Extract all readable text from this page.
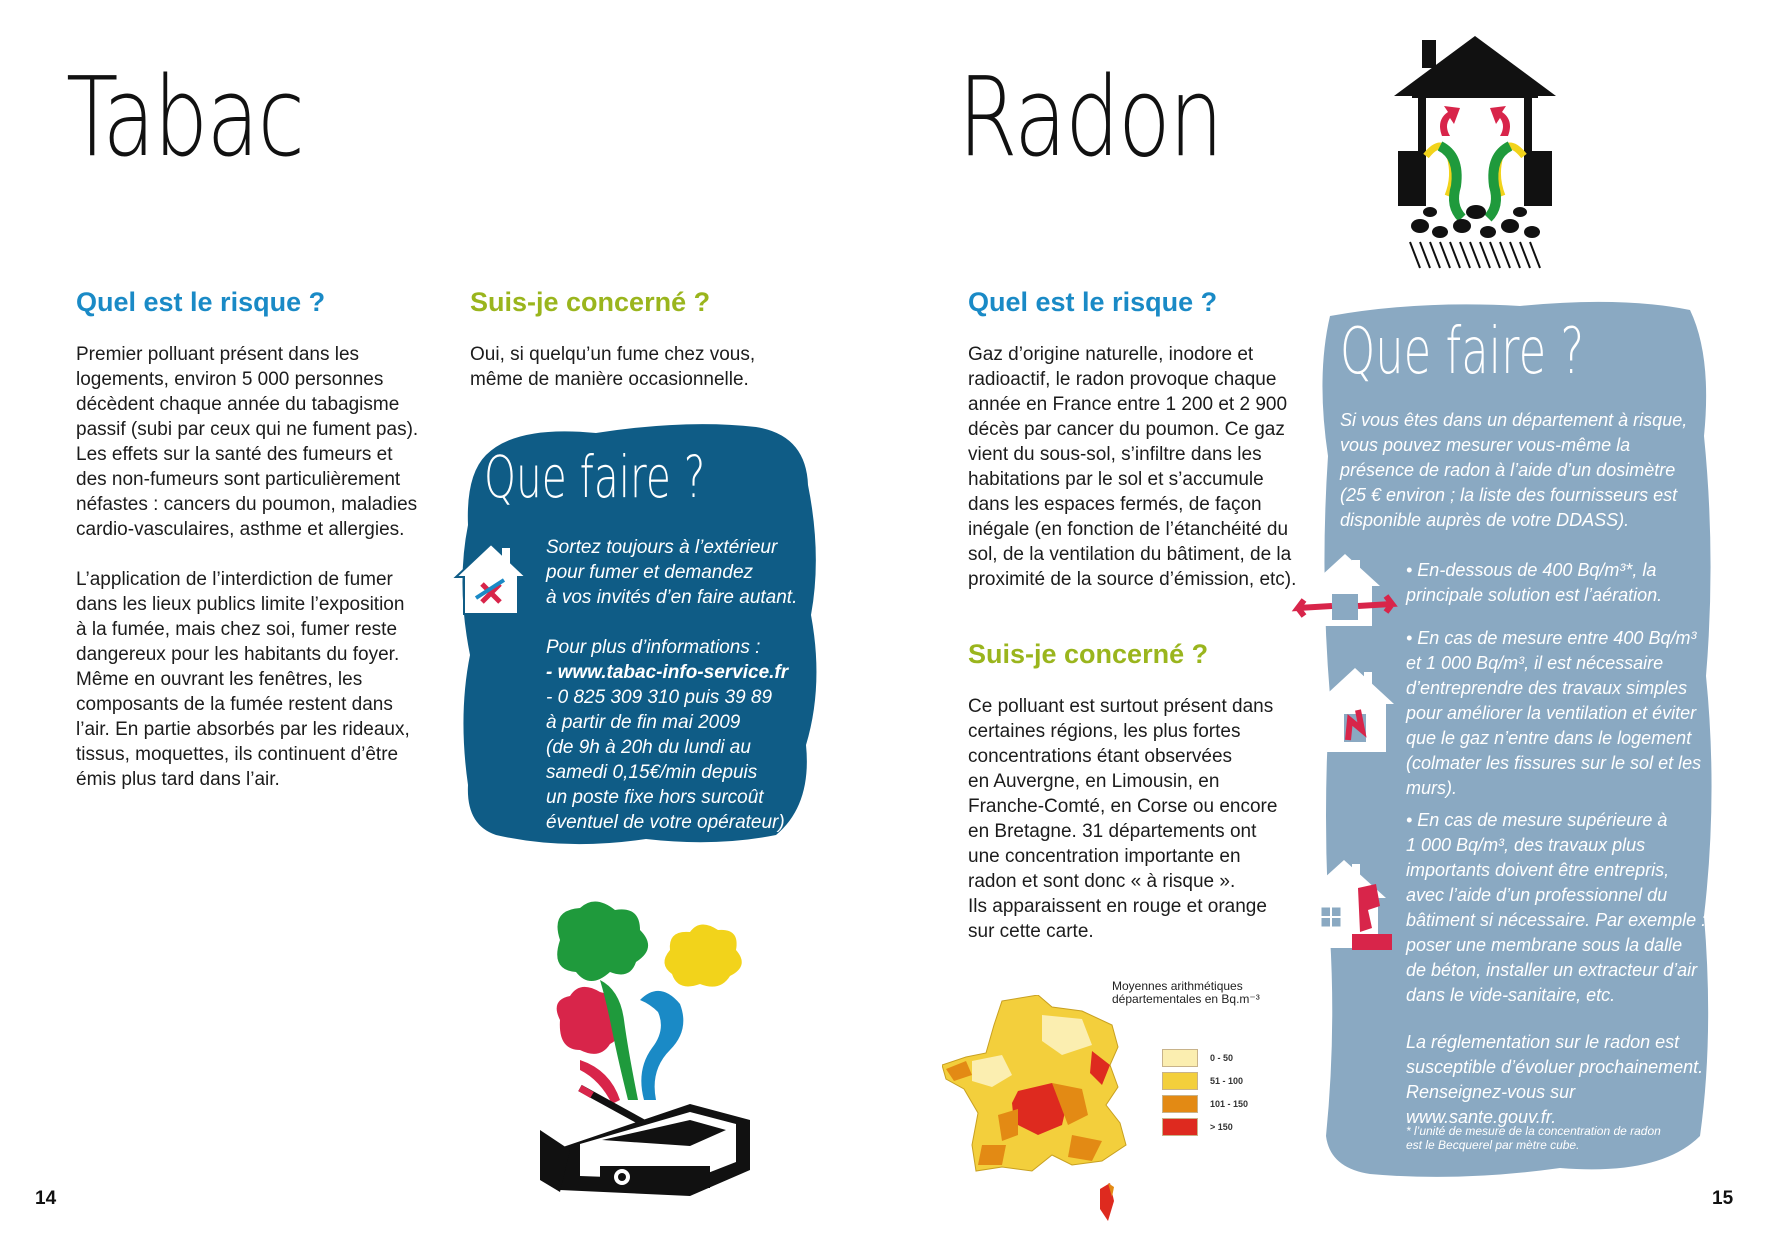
Tabac
Quel est le risque ?

Premier polluant présent dans les
logements, environ 5 000 personnes
décèdent chaque année du tabagisme
passif (subi par ceux qui ne fument pas).
Les effets sur la santé des fumeurs et
des non-fumeurs sont particulièrement
néfastes : cancers du poumon, maladies
cardio-vasculaires, asthme et allergies.

L’application de l’interdiction de fumer
dans les lieux publics limite l’exposition
à la fumée, mais chez soi, fumer reste
dangereux pour les habitants du foyer.
Même en ouvrant les fenêtres, les
composants de la fumée restent dans
l’air. En partie absorbés par les rideaux,
tissus, moquettes, ils continuent d’être
émis plus tard dans l’air.

Suis-je concerné ?
Oui, si quelqu’un fume chez vous,
même de manière occasionnelle.
Que faire ?
Sortez toujours à l’extérieur
pour fumer et demandez
à vos invités d’en faire autant.
Pour plus d’informations :
- www.tabac-info-service.fr
- 0 825 309 310 puis 39 89
à partir de fin mai 2009
(de 9h à 20h du lundi au
samedi 0,15€/min depuis
un poste fixe hors surcoût
éventuel de votre opérateur)
14
Radon
Quel est le risque ?
Gaz d’origine naturelle, inodore et
radioactif, le radon provoque chaque
année en France entre 1 200 et 2 900
décès par cancer du poumon. Ce gaz
vient du sous-sol, s’infiltre dans les
habitations par le sol et s’accumule
dans les espaces fermés, de façon
inégale (en fonction de l’étanchéité du
sol, de la ventilation du bâtiment, de la
proximité de la source d’émission, etc).
Suis-je concerné ?
Ce polluant est surtout présent dans
certaines régions, les plus fortes
concentrations étant observées
en Auvergne, en Limousin, en
Franche-Comté, en Corse ou encore
en Bretagne. 31 départements ont
une concentration importante en
radon et sont donc « à risque ».
Ils apparaissent en rouge et orange
sur cette carte.
Moyennes arithmétiques
départementales en Bq.m⁻³
0 - 50
51 - 100
101 - 150
> 150
Que faire ?
Si vous êtes dans un département à risque,
vous pouvez mesurer vous-même la
présence de radon à l’aide d’un dosimètre
(25 € environ ; la liste des fournisseurs est
disponible auprès de votre DDASS).
• En-dessous de 400 Bq/m³*, la
principale solution est l’aération.
• En cas de mesure entre 400 Bq/m³
et 1 000 Bq/m³, il est nécessaire
d’entreprendre des travaux simples
pour améliorer la ventilation et éviter
que le gaz n’entre dans le logement
(colmater les fissures sur le sol et les
murs).
• En cas de mesure supérieure à
1 000 Bq/m³, des travaux plus
importants doivent être entrepris,
avec l’aide d’un professionnel du
bâtiment si nécessaire. Par exemple :
poser une membrane sous la dalle
de béton, installer un extracteur d’air
dans le vide-sanitaire, etc.
La réglementation sur le radon est
susceptible d’évoluer prochainement.
Renseignez-vous sur www.sante.gouv.fr.
* l’unité de mesure de la concentration de radon
est le Becquerel par mètre cube.
15
